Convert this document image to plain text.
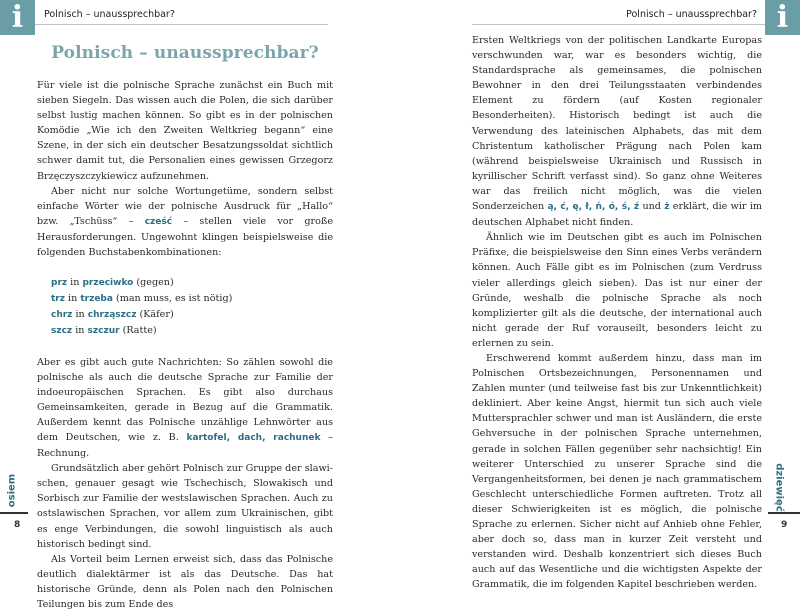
i	Polnisch – unaussprechbar?
Polnisch – unaussprechbar?

Für viele ist die polnische Sprache zunächst ein Buch mit sieben Siegeln. Das wissen auch die Polen, die sich darüber selbst lustig machen können. So gibt es in der polnischen Komödie „Wie ich den Zweiten Weltkrieg begann“ eine Szene, in der sich ein deutscher Besatzungssoldat sichtlich schwer damit tut, die Personalien eines gewissen Grzegorz Brzęczyszczykiewicz aufzunehmen.

Aber nicht nur solche Wortungetüme, sondern selbst einfache Wörter wie der polnische Ausdruck für „Hallo“ bzw. „Tschüss“ – cześć – stellen viele vor große Herausforderungen. Ungewohnt klingen beispielsweise die folgenden Buchstabenkombinationen:

prz in przeciwko (gegen)
trz in trzeba (man muss, es ist nötig)
chrz in chrząszcz (Käfer)
szcz in szczur (Ratte)

Aber es gibt auch gute Nachrichten: So zählen sowohl die polnische als auch die deutsche Sprache zur Familie der indoeuropäischen Sprachen. Es gibt also durchaus Gemeinsamkeiten, gerade in Bezug auf die Grammatik. Außerdem kennt das Polnische unzählige Lehnwörter aus dem Deutschen, wie z. B. kartofel, dach, rachunek – Rechnung.

Grundsätzlich aber gehört Polnisch zur Gruppe der slawischen, genauer gesagt wie Tschechisch, Slowakisch und Sorbisch zur Familie der westslawischen Sprachen. Auch zu ostslawischen Sprachen, vor allem zum Ukrainischen, gibt es enge Verbindungen, die sowohl linguistisch als auch historisch bedingt sind.

Als Vorteil beim Lernen erweist sich, dass das Polnische deutlich dialektärmer ist als das Deutsche. Das hat historische Gründe, denn als Polen nach den Polnischen Teilungen bis zum Ende des

osiem
8
i
Polnisch – unaussprechbar?

Ersten Weltkriegs von der politischen Landkarte Europas verschwunden war, war es besonders wichtig, die Standardsprache als gemeinsames, die polnischen Bewohner in den drei Teilungsstaaten verbindendes Element zu fördern (auf Kosten regionaler Besonderheiten). Historisch bedingt ist auch die Verwendung des lateinischen Alphabets, das mit dem Christentum katholischer Prägung nach Polen kam (während beispielsweise Ukrainisch und Russisch in kyrillischer Schrift verfasst sind). So ganz ohne Weiteres war das freilich nicht möglich, was die vielen Sonderzeichen ą, ć, ę, ł, ń, ó, ś, ź und ż erklärt, die wir im deutschen Alphabet nicht finden.

Ähnlich wie im Deutschen gibt es auch im Polnischen Präfixe, die beispielsweise den Sinn eines Verbs verändern können. Auch Fälle gibt es im Polnischen (zum Verdruss vieler allerdings gleich sieben). Das ist nur einer der Gründe, weshalb die polnische Sprache als noch komplizierter gilt als die deutsche, der international auch nicht gerade der Ruf vorauseilt, besonders leicht zu erlernen zu sein.

Erschwerend kommt außerdem hinzu, dass man im Polnischen Ortsbezeichnungen, Personennamen und Zahlen munter (und teilweise fast bis zur Unkenntlichkeit) dekliniert. Aber keine Angst, hiermit tun sich auch viele Muttersprachler schwer und man ist Ausländern, die erste Gehversuche in der polnischen Sprache unternehmen, gerade in solchen Fällen gegenüber sehr nachsichtig! Ein weiterer Unterschied zu unserer Sprache sind die Vergangenheitsformen, bei denen je nach grammatischem Geschlecht unterschiedliche Formen auftreten. Trotz all dieser Schwierigkeiten ist es möglich, die polnische Sprache zu erlernen. Sicher nicht auf Anhieb ohne Fehler, aber doch so, dass man in kurzer Zeit versteht und verstanden wird. Deshalb konzentriert sich dieses Buch auch auf das Wesentliche und die wichtigsten Aspekte der Grammatik, die im folgenden Kapitel beschrieben werden.

dziewięć
9
